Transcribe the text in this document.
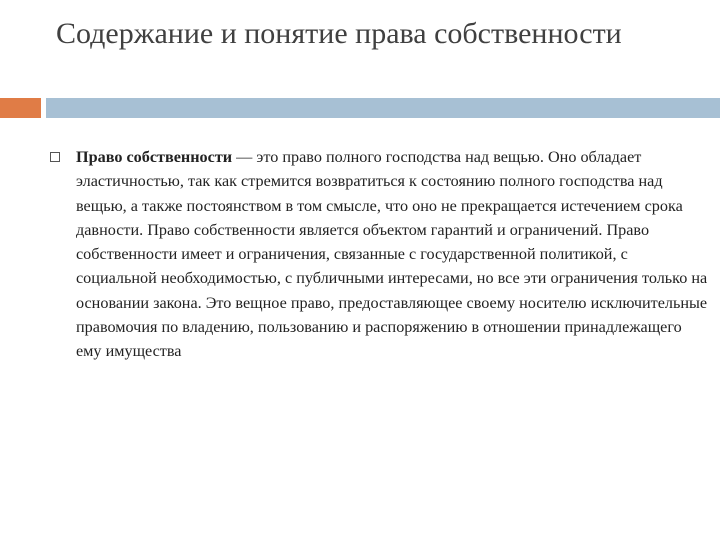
Содержание и понятие права собственности

Право собственности — это право полного господства над вещью. Оно обладает эластичностью, так как стремится возвратиться к состоянию полного господства над вещью, а также постоянством в том смысле, что оно не прекращается истечением срока давности. Право собственности является объектом гарантий и ограничений. Право собственности имеет и ограничения, связанные с государственной политикой, с социальной необходимостью, с публичными интересами, но все эти ограничения только на основании закона. Это вещное право, предоставляющее своему носителю исключительные правомочия по владению, пользованию и распоряжению в отношении принадлежащего ему имущества
